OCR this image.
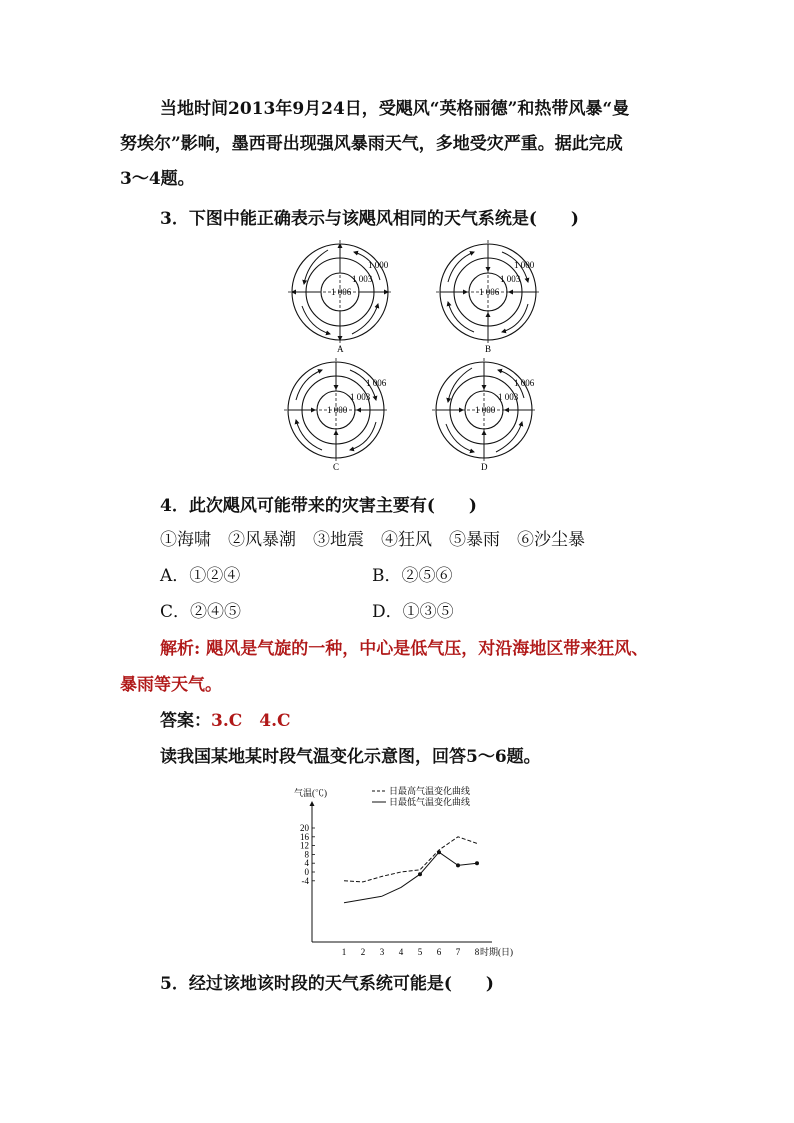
当地时间2013年9月24日，受飓风“英格丽德”和热带风暴“曼
努埃尔”影响，墨西哥出现强风暴雨天气，多地受灾严重。据此完成
3～4题。
3．下图中能正确表示与该飓风相同的天气系统是(　　)
1 006
1 003
1 000
A
1 006
1 003
1 000
B
1 000
1 003
1 006
C
1 000
1 003
1 006
D
4．此次飓风可能带来的灾害主要有(　　)
①海啸　②风暴潮　③地震　④狂风　⑤暴雨　⑥沙尘暴
A．①②④	B．②⑤⑥
C．②④⑤	D．①③⑤
解析: 飓风是气旋的一种，中心是低气压，对沿海地区带来狂风、
暴雨等天气。
答案：3.C　4.C
读我国某地某时段气温变化示意图，回答5～6题。
气温(℃)
20
16
12
8
4
0
-4
1 2 3 4 5 6 7 8 时期(日)
日最高气温变化曲线
日最低气温变化曲线
5．经过该地该时段的天气系统可能是(　　)
